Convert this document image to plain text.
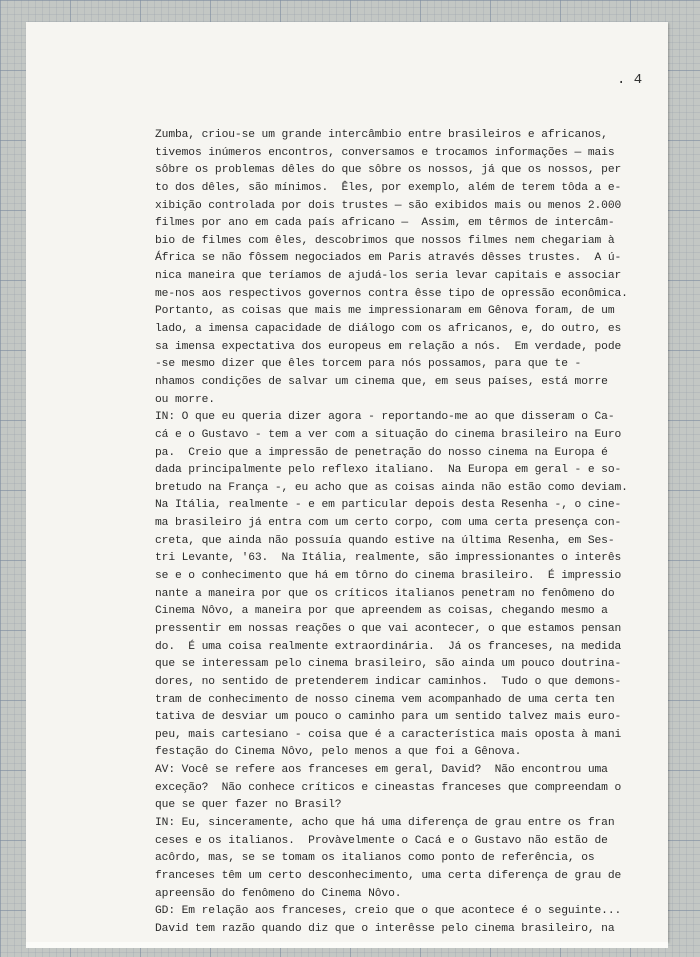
. 4
Zumba, criou-se um grande intercâmbio entre brasileiros e africanos,
tivemos inúmeros encontros, conversamos e trocamos informações — mais
sôbre os problemas dêles do que sôbre os nossos, já que os nossos, per
to dos dêles, são mínimos.  Êles, por exemplo, além de terem tôda a e-
xibição controlada por dois trustes — são exibidos mais ou menos 2.000
filmes por ano em cada país africano —  Assim, em têrmos de intercâm-
bio de filmes com êles, descobrimos que nossos filmes nem chegariam à
África se não fôssem negociados em Paris através dêsses trustes.  A ú-
nica maneira que teríamos de ajudá-los seria levar capitais e associar
me-nos aos respectivos governos contra êsse tipo de opressão econômica.
Portanto, as coisas que mais me impressionaram em Gênova foram, de um
lado, a imensa capacidade de diálogo com os africanos, e, do outro, es
sa imensa expectativa dos europeus em relação a nós.  Em verdade, pode
-se mesmo dizer que êles torcem para nós possamos, para que te -
nhamos condições de salvar um cinema que, em seus países, está morre
ou morre.
IN: O que eu queria dizer agora - reportando-me ao que disseram o Ca-
cá e o Gustavo - tem a ver com a situação do cinema brasileiro na Euro
pa.  Creio que a impressão de penetração do nosso cinema na Europa é
dada principalmente pelo reflexo italiano.  Na Europa em geral - e so-
bretudo na França -, eu acho que as coisas ainda não estão como deviam.
Na Itália, realmente - e em particular depois desta Resenha -, o cine-
ma brasileiro já entra com um certo corpo, com uma certa presença con-
creta, que ainda não possuía quando estive na última Resenha, em Ses-
tri Levante, '63.  Na Itália, realmente, são impressionantes o interês
se e o conhecimento que há em tôrno do cinema brasileiro.  É impressio
nante a maneira por que os críticos italianos penetram no fenômeno do
Cinema Nôvo, a maneira por que apreendem as coisas, chegando mesmo a
pressentir em nossas reações o que vai acontecer, o que estamos pensan
do.  É uma coisa realmente extraordinária.  Já os franceses, na medida
que se interessam pelo cinema brasileiro, são ainda um pouco doutrina-
dores, no sentido de pretenderem indicar caminhos.  Tudo o que demons-
tram de conhecimento de nosso cinema vem acompanhado de uma certa ten
tativa de desviar um pouco o caminho para um sentido talvez mais euro-
peu, mais cartesiano - coisa que é a característica mais oposta à mani
festação do Cinema Nôvo, pelo menos a que foi a Gênova.
AV: Você se refere aos franceses em geral, David?  Não encontrou uma
exceção?  Não conhece críticos e cineastas franceses que compreendam o
que se quer fazer no Brasil?
IN: Eu, sinceramente, acho que há uma diferença de grau entre os fran
ceses e os italianos.  Provàvelmente o Cacá e o Gustavo não estão de
acôrdo, mas, se se tomam os italianos como ponto de referência, os
franceses têm um certo desconhecimento, uma certa diferença de grau de
apreensão do fenômeno do Cinema Nôvo.
GD: Em relação aos franceses, creio que o que acontece é o seguinte...
David tem razão quando diz que o interêsse pelo cinema brasileiro, na
